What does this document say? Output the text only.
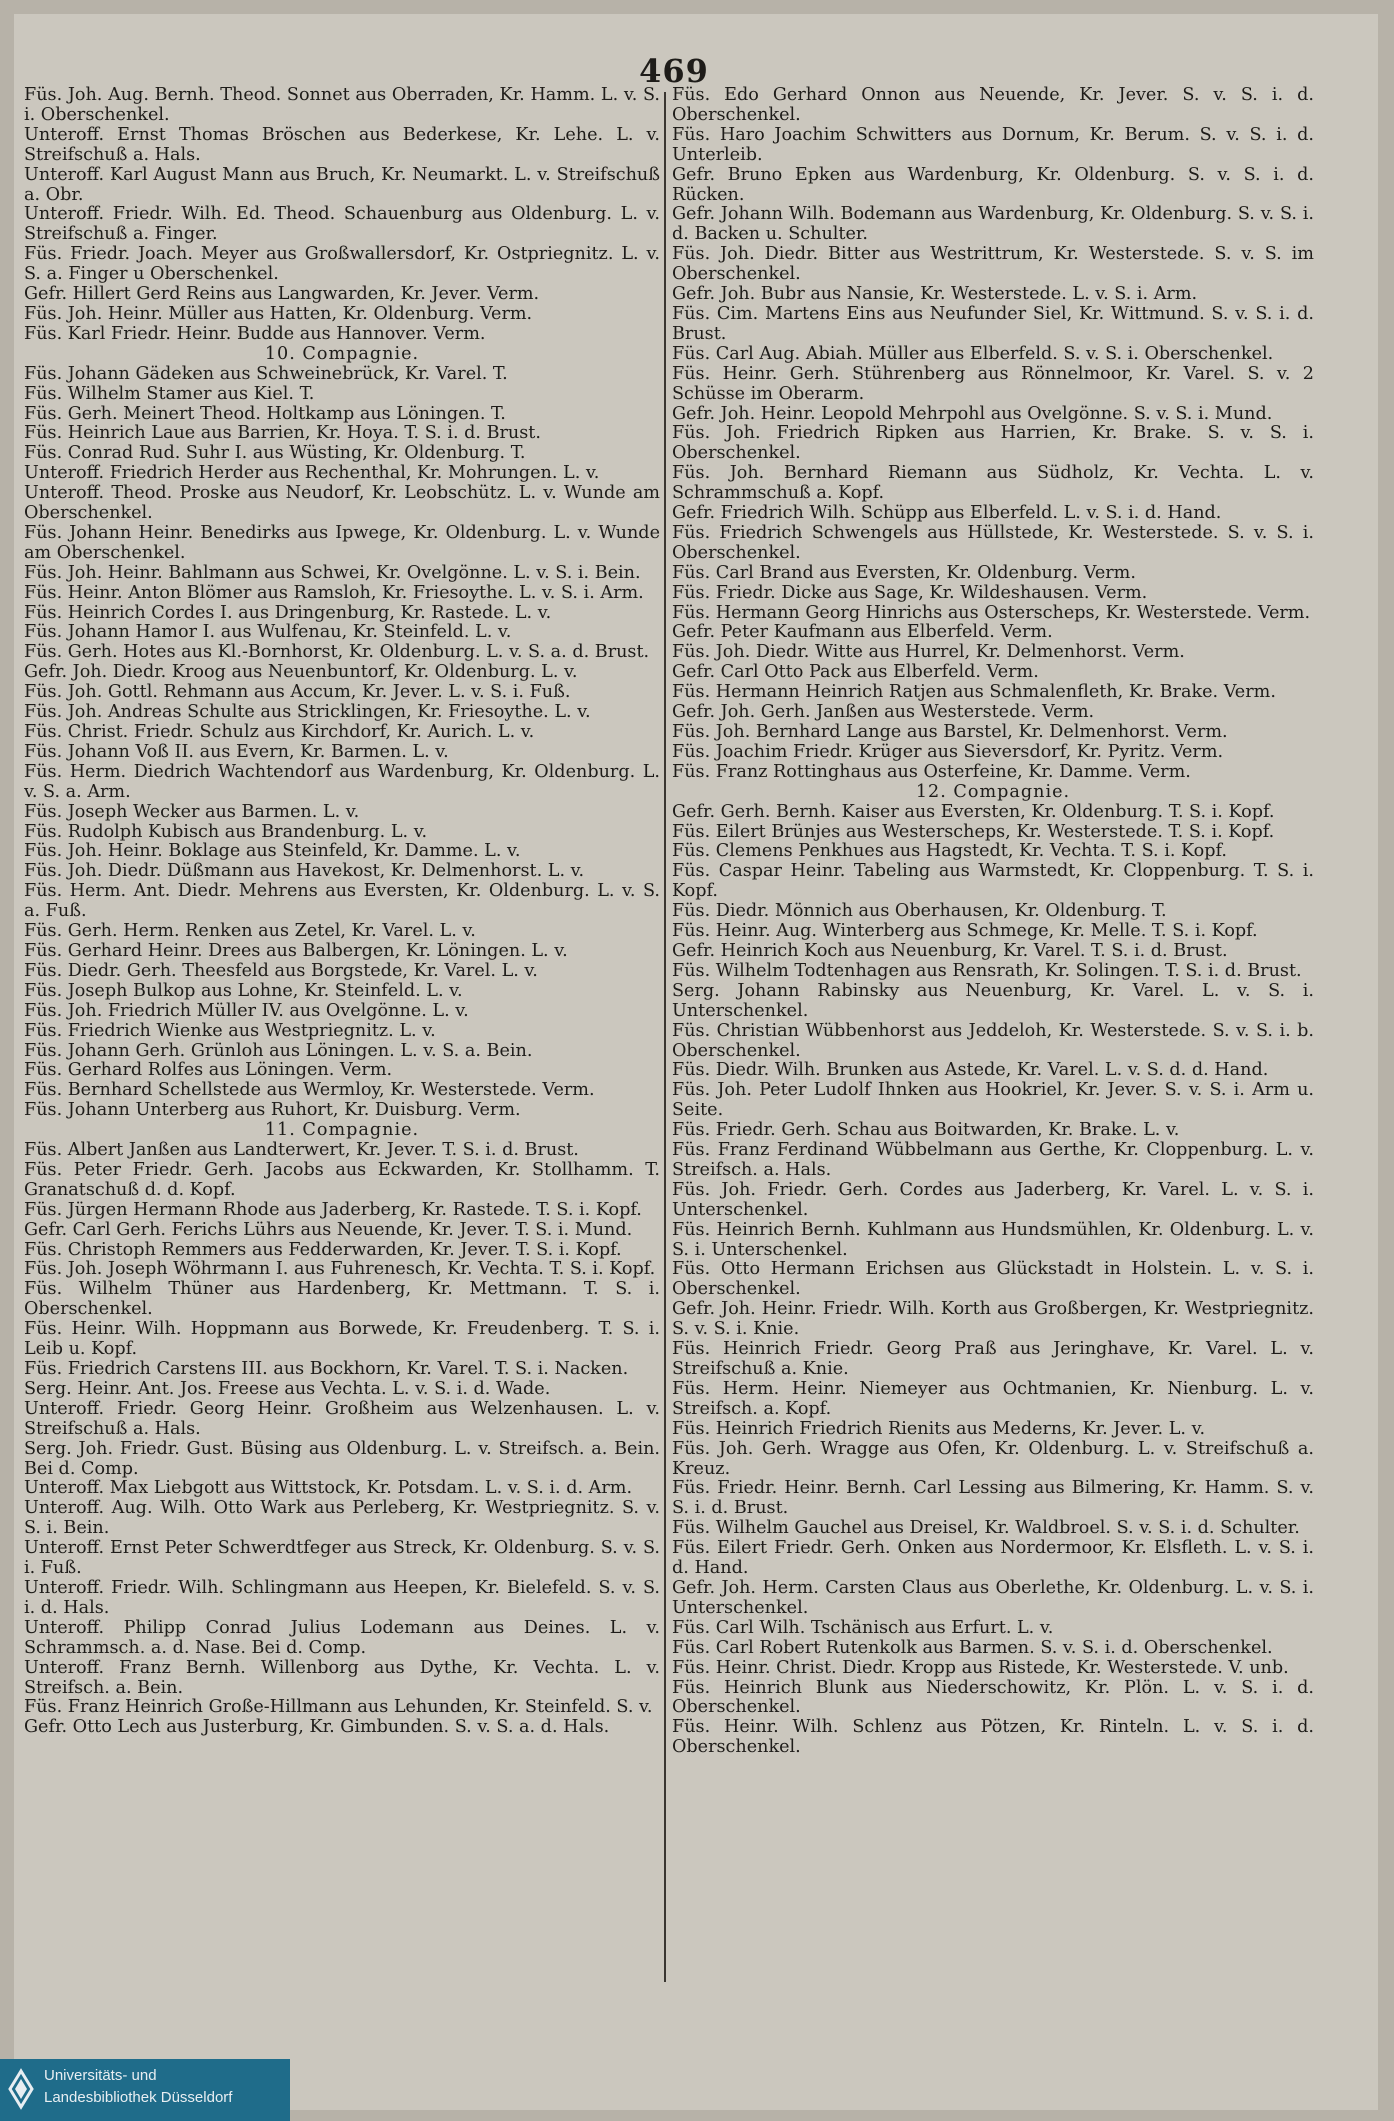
469
Füs. Joh. Aug. Bernh. Theod. Sonnet aus Oberraden, Kr. Hamm. L. v. S. i. Oberschenkel.
Unteroff. Ernst Thomas Bröschen aus Bederkese, Kr. Lehe. L. v. Streifschuß a. Hals.
Unteroff. Karl August Mann aus Bruch, Kr. Neumarkt. L. v. Streifschuß a. Obr.
Unteroff. Friedr. Wilh. Ed. Theod. Schauenburg aus Oldenburg. L. v. Streifschuß a. Finger.
Füs. Friedr. Joach. Meyer aus Großwallersdorf, Kr. Ostpriegnitz. L. v. S. a. Finger u Oberschenkel.
Gefr. Hillert Gerd Reins aus Langwarden, Kr. Jever. Verm.
Füs. Joh. Heinr. Müller aus Hatten, Kr. Oldenburg. Verm.
Füs. Karl Friedr. Heinr. Budde aus Hannover. Verm.
10. Compagnie.
Füs. Johann Gädeken aus Schweinebrück, Kr. Varel. T.
Füs. Wilhelm Stamer aus Kiel. T.
Füs. Gerh. Meinert Theod. Holtkamp aus Löningen. T.
Füs. Heinrich Laue aus Barrien, Kr. Hoya. T. S. i. d. Brust.
Füs. Conrad Rud. Suhr I. aus Wüsting, Kr. Oldenburg. T.
Unteroff. Friedrich Herder aus Rechenthal, Kr. Mohrungen. L. v.
Unteroff. Theod. Proske aus Neudorf, Kr. Leobschütz. L. v. Wunde am Oberschenkel.
Füs. Johann Heinr. Benedirks aus Ipwege, Kr. Oldenburg. L. v. Wunde am Oberschenkel.
Füs. Joh. Heinr. Bahlmann aus Schwei, Kr. Ovelgönne. L. v. S. i. Bein.
Füs. Heinr. Anton Blömer aus Ramsloh, Kr. Friesoythe. L. v. S. i. Arm.
Füs. Heinrich Cordes I. aus Dringenburg, Kr. Rastede. L. v.
Füs. Johann Hamor I. aus Wulfenau, Kr. Steinfeld. L. v.
Füs. Gerh. Hotes aus Kl.-Bornhorst, Kr. Oldenburg. L. v. S. a. d. Brust.
Gefr. Joh. Diedr. Kroog aus Neuenbuntorf, Kr. Oldenburg. L. v.
Füs. Joh. Gottl. Rehmann aus Accum, Kr. Jever. L. v. S. i. Fuß.
Füs. Joh. Andreas Schulte aus Stricklingen, Kr. Friesoythe. L. v.
Füs. Christ. Friedr. Schulz aus Kirchdorf, Kr. Aurich. L. v.
Füs. Johann Voß II. aus Evern, Kr. Barmen. L. v.
Füs. Herm. Diedrich Wachtendorf aus Wardenburg, Kr. Oldenburg. L. v. S. a. Arm.
Füs. Joseph Wecker aus Barmen. L. v.
Füs. Rudolph Kubisch aus Brandenburg. L. v.
Füs. Joh. Heinr. Boklage aus Steinfeld, Kr. Damme. L. v.
Füs. Joh. Diedr. Düßmann aus Havekost, Kr. Delmenhorst. L. v.
Füs. Herm. Ant. Diedr. Mehrens aus Eversten, Kr. Oldenburg. L. v. S. a. Fuß.
Füs. Gerh. Herm. Renken aus Zetel, Kr. Varel. L. v.
Füs. Gerhard Heinr. Drees aus Balbergen, Kr. Löningen. L. v.
Füs. Diedr. Gerh. Theesfeld aus Borgstede, Kr. Varel. L. v.
Füs. Joseph Bulkop aus Lohne, Kr. Steinfeld. L. v.
Füs. Joh. Friedrich Müller IV. aus Ovelgönne. L. v.
Füs. Friedrich Wienke aus Westpriegnitz. L. v.
Füs. Johann Gerh. Grünloh aus Löningen. L. v. S. a. Bein.
Füs. Gerhard Rolfes aus Löningen. Verm.
Füs. Bernhard Schellstede aus Wermloy, Kr. Westerstede. Verm.
Füs. Johann Unterberg aus Ruhort, Kr. Duisburg. Verm.
11. Compagnie.
Füs. Albert Janßen aus Landterwert, Kr. Jever. T. S. i. d. Brust.
Füs. Peter Friedr. Gerh. Jacobs aus Eckwarden, Kr. Stollhamm. T. Granatschuß d. d. Kopf.
Füs. Jürgen Hermann Rhode aus Jaderberg, Kr. Rastede. T. S. i. Kopf.
Gefr. Carl Gerh. Ferichs Lührs aus Neuende, Kr. Jever. T. S. i. Mund.
Füs. Christoph Remmers aus Fedderwarden, Kr. Jever. T. S. i. Kopf.
Füs. Joh. Joseph Wöhrmann I. aus Fuhrenesch, Kr. Vechta. T. S. i. Kopf.
Füs. Wilhelm Thüner aus Hardenberg, Kr. Mettmann. T. S. i. Oberschenkel.
Füs. Heinr. Wilh. Hoppmann aus Borwede, Kr. Freudenberg. T. S. i. Leib u. Kopf.
Füs. Friedrich Carstens III. aus Bockhorn, Kr. Varel. T. S. i. Nacken.
Serg. Heinr. Ant. Jos. Freese aus Vechta. L. v. S. i. d. Wade.
Unteroff. Friedr. Georg Heinr. Großheim aus Welzenhausen. L. v. Streifschuß a. Hals.
Serg. Joh. Friedr. Gust. Büsing aus Oldenburg. L. v. Streifsch. a. Bein. Bei d. Comp.
Unteroff. Max Liebgott aus Wittstock, Kr. Potsdam. L. v. S. i. d. Arm.
Unteroff. Aug. Wilh. Otto Wark aus Perleberg, Kr. Westpriegnitz. S. v. S. i. Bein.
Unteroff. Ernst Peter Schwerdtfeger aus Streck, Kr. Oldenburg. S. v. S. i. Fuß.
Unteroff. Friedr. Wilh. Schlingmann aus Heepen, Kr. Bielefeld. S. v. S. i. d. Hals.
Unteroff. Philipp Conrad Julius Lodemann aus Deines. L. v. Schrammsch. a. d. Nase. Bei d. Comp.
Unteroff. Franz Bernh. Willenborg aus Dythe, Kr. Vechta. L. v. Streifsch. a. Bein.
Füs. Franz Heinrich Große-Hillmann aus Lehunden, Kr. Steinfeld. S. v.
Gefr. Otto Lech aus Justerburg, Kr. Gimbunden. S. v. S. a. d. Hals.
Füs. Edo Gerhard Onnon aus Neuende, Kr. Jever. S. v. S. i. d. Oberschenkel.
Füs. Haro Joachim Schwitters aus Dornum, Kr. Berum. S. v. S. i. d. Unterleib.
Gefr. Bruno Epken aus Wardenburg, Kr. Oldenburg. S. v. S. i. d. Rücken.
Gefr. Johann Wilh. Bodemann aus Wardenburg, Kr. Oldenburg. S. v. S. i. d. Backen u. Schulter.
Füs. Joh. Diedr. Bitter aus Westrittrum, Kr. Westerstede. S. v. S. im Oberschenkel.
Gefr. Joh. Bubr aus Nansie, Kr. Westerstede. L. v. S. i. Arm.
Füs. Cim. Martens Eins aus Neufunder Siel, Kr. Wittmund. S. v. S. i. d. Brust.
Füs. Carl Aug. Abiah. Müller aus Elberfeld. S. v. S. i. Oberschenkel.
Füs. Heinr. Gerh. Stührenberg aus Rönnelmoor, Kr. Varel. S. v. 2 Schüsse im Oberarm.
Gefr. Joh. Heinr. Leopold Mehrpohl aus Ovelgönne. S. v. S. i. Mund.
Füs. Joh. Friedrich Ripken aus Harrien, Kr. Brake. S. v. S. i. Oberschenkel.
Füs. Joh. Bernhard Riemann aus Südholz, Kr. Vechta. L. v. Schrammschuß a. Kopf.
Gefr. Friedrich Wilh. Schüpp aus Elberfeld. L. v. S. i. d. Hand.
Füs. Friedrich Schwengels aus Hüllstede, Kr. Westerstede. S. v. S. i. Oberschenkel.
Füs. Carl Brand aus Eversten, Kr. Oldenburg. Verm.
Füs. Friedr. Dicke aus Sage, Kr. Wildeshausen. Verm.
Füs. Hermann Georg Hinrichs aus Osterscheps, Kr. Westerstede. Verm.
Gefr. Peter Kaufmann aus Elberfeld. Verm.
Füs. Joh. Diedr. Witte aus Hurrel, Kr. Delmenhorst. Verm.
Gefr. Carl Otto Pack aus Elberfeld. Verm.
Füs. Hermann Heinrich Ratjen aus Schmalenfleth, Kr. Brake. Verm.
Gefr. Joh. Gerh. Janßen aus Westerstede. Verm.
Füs. Joh. Bernhard Lange aus Barstel, Kr. Delmenhorst. Verm.
Füs. Joachim Friedr. Krüger aus Sieversdorf, Kr. Pyritz. Verm.
Füs. Franz Rottinghaus aus Osterfeine, Kr. Damme. Verm.
12. Compagnie.
Gefr. Gerh. Bernh. Kaiser aus Eversten, Kr. Oldenburg. T. S. i. Kopf.
Füs. Eilert Brünjes aus Westerscheps, Kr. Westerstede. T. S. i. Kopf.
Füs. Clemens Penkhues aus Hagstedt, Kr. Vechta. T. S. i. Kopf.
Füs. Caspar Heinr. Tabeling aus Warmstedt, Kr. Cloppenburg. T. S. i. Kopf.
Füs. Diedr. Mönnich aus Oberhausen, Kr. Oldenburg. T.
Füs. Heinr. Aug. Winterberg aus Schmege, Kr. Melle. T. S. i. Kopf.
Gefr. Heinrich Koch aus Neuenburg, Kr. Varel. T. S. i. d. Brust.
Füs. Wilhelm Todtenhagen aus Rensrath, Kr. Solingen. T. S. i. d. Brust.
Serg. Johann Rabinsky aus Neuenburg, Kr. Varel. L. v. S. i. Unterschenkel.
Füs. Christian Wübbenhorst aus Jeddeloh, Kr. Westerstede. S. v. S. i. b. Oberschenkel.
Füs. Diedr. Wilh. Brunken aus Astede, Kr. Varel. L. v. S. d. d. Hand.
Füs. Joh. Peter Ludolf Ihnken aus Hookriel, Kr. Jever. S. v. S. i. Arm u. Seite.
Füs. Friedr. Gerh. Schau aus Boitwarden, Kr. Brake. L. v.
Füs. Franz Ferdinand Wübbelmann aus Gerthe, Kr. Cloppenburg. L. v. Streifsch. a. Hals.
Füs. Joh. Friedr. Gerh. Cordes aus Jaderberg, Kr. Varel. L. v. S. i. Unterschenkel.
Füs. Heinrich Bernh. Kuhlmann aus Hundsmühlen, Kr. Oldenburg. L. v. S. i. Unterschenkel.
Füs. Otto Hermann Erichsen aus Glückstadt in Holstein. L. v. S. i. Oberschenkel.
Gefr. Joh. Heinr. Friedr. Wilh. Korth aus Großbergen, Kr. Westpriegnitz. S. v. S. i. Knie.
Füs. Heinrich Friedr. Georg Praß aus Jeringhave, Kr. Varel. L. v. Streifschuß a. Knie.
Füs. Herm. Heinr. Niemeyer aus Ochtmanien, Kr. Nienburg. L. v. Streifsch. a. Kopf.
Füs. Heinrich Friedrich Rienits aus Mederns, Kr. Jever. L. v.
Füs. Joh. Gerh. Wragge aus Ofen, Kr. Oldenburg. L. v. Streifschuß a. Kreuz.
Füs. Friedr. Heinr. Bernh. Carl Lessing aus Bilmering, Kr. Hamm. S. v. S. i. d. Brust.
Füs. Wilhelm Gauchel aus Dreisel, Kr. Waldbroel. S. v. S. i. d. Schulter.
Füs. Eilert Friedr. Gerh. Onken aus Nordermoor, Kr. Elsfleth. L. v. S. i. d. Hand.
Gefr. Joh. Herm. Carsten Claus aus Oberlethe, Kr. Oldenburg. L. v. S. i. Unterschenkel.
Füs. Carl Wilh. Tschänisch aus Erfurt. L. v.
Füs. Carl Robert Rutenkolk aus Barmen. S. v. S. i. d. Oberschenkel.
Füs. Heinr. Christ. Diedr. Kropp aus Ristede, Kr. Westerstede. V. unb.
Füs. Heinrich Blunk aus Niederschowitz, Kr. Plön. L. v. S. i. d. Oberschenkel.
Füs. Heinr. Wilh. Schlenz aus Pötzen, Kr. Rinteln. L. v. S. i. d. Oberschenkel.
Universitäts- und
Landesbibliothek Düsseldorf
